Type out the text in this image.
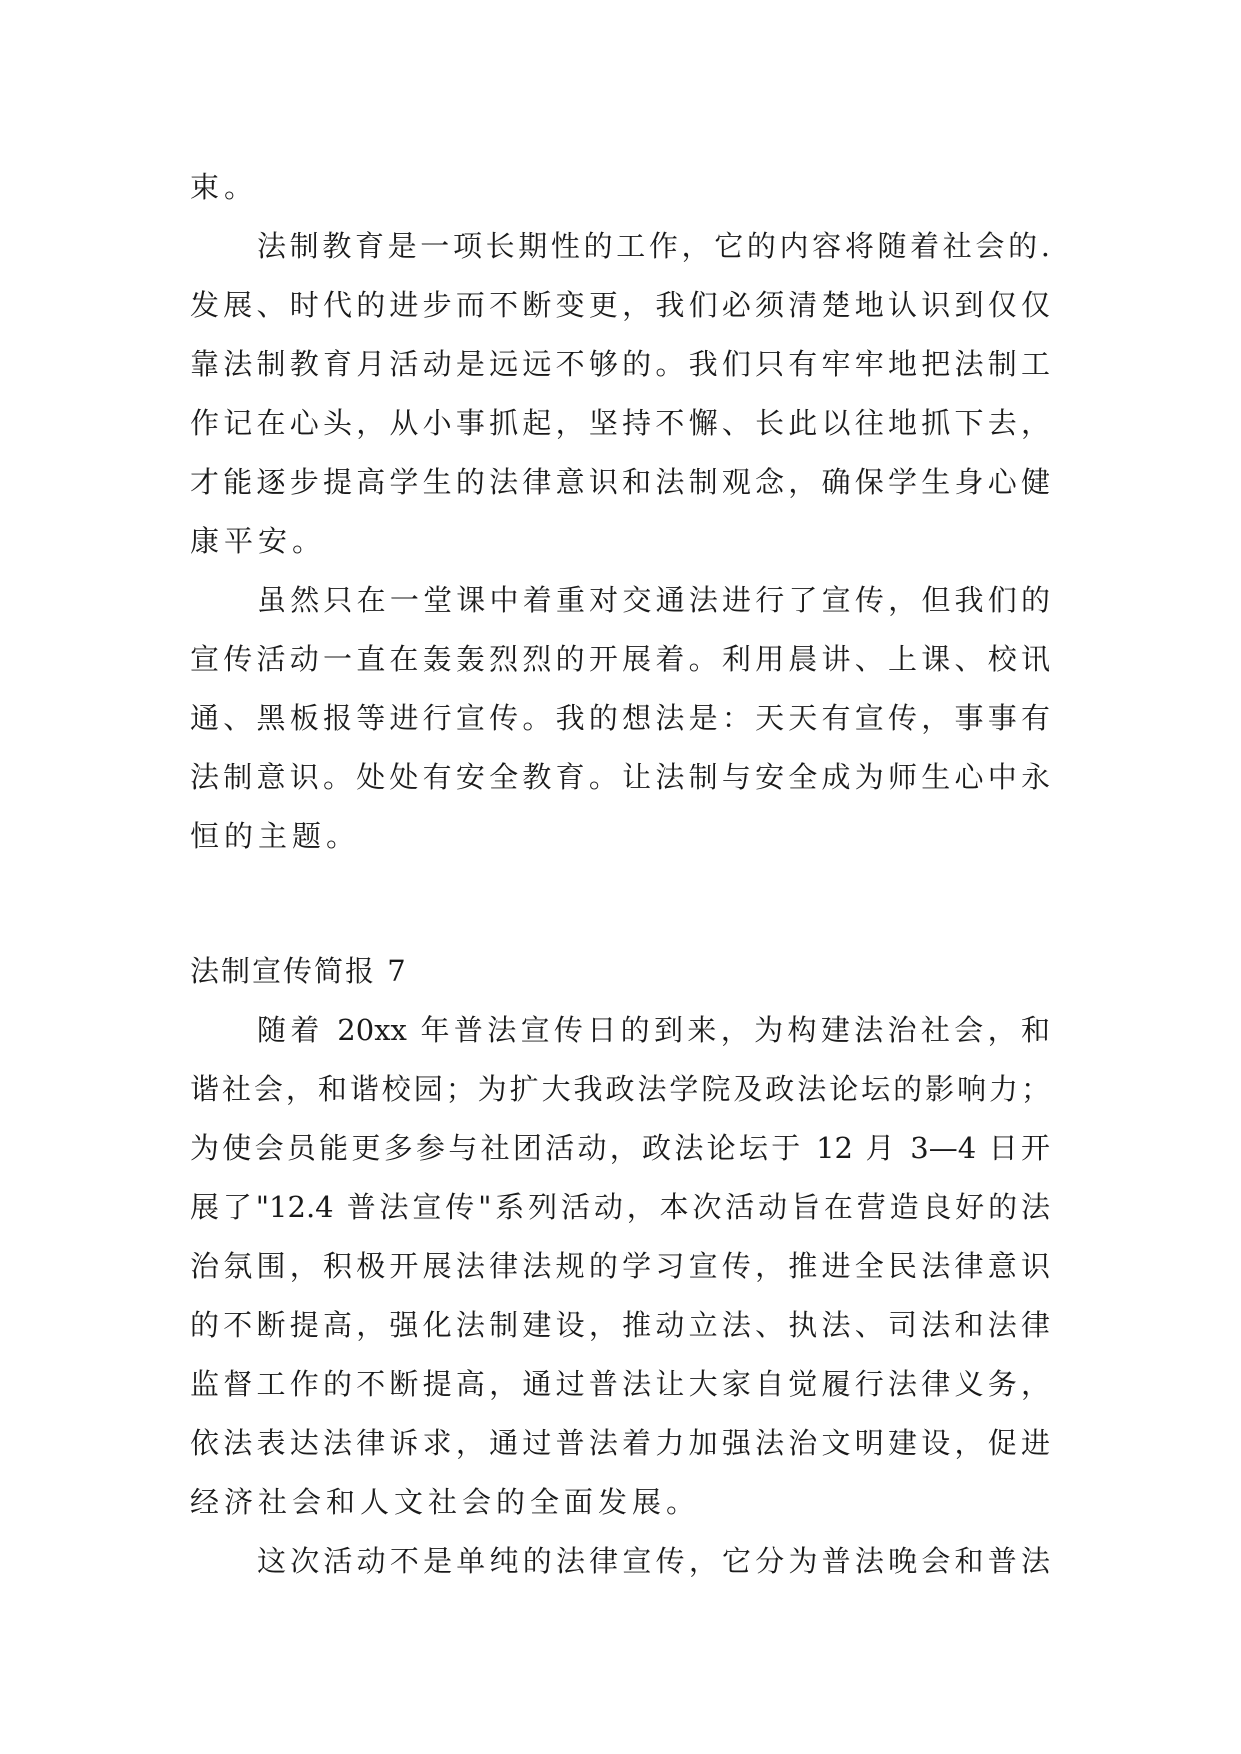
束。
法制教育是一项长期性的工作，它的内容将随着社会的.
发展、时代的进步而不断变更，我们必须清楚地认识到仅仅
靠法制教育月活动是远远不够的。我们只有牢牢地把法制工
作记在心头，从小事抓起，坚持不懈、长此以往地抓下去，
才能逐步提高学生的法律意识和法制观念，确保学生身心健
康平安。
虽然只在一堂课中着重对交通法进行了宣传，但我们的
宣传活动一直在轰轰烈烈的开展着。利用晨讲、上课、校讯
通、黑板报等进行宣传。我的想法是：天天有宣传，事事有
法制意识。处处有安全教育。让法制与安全成为师生心中永
恒的主题。
法制宣传简报 7
随着 20xx 年普法宣传日的到来，为构建法治社会，和
谐社会，和谐校园；为扩大我政法学院及政法论坛的影响力；
为使会员能更多参与社团活动，政法论坛于 12 月 3—4 日开
展了"12.4 普法宣传"系列活动，本次活动旨在营造良好的法
治氛围，积极开展法律法规的学习宣传，推进全民法律意识
的不断提高，强化法制建设，推动立法、执法、司法和法律
监督工作的不断提高，通过普法让大家自觉履行法律义务，
依法表达法律诉求，通过普法着力加强法治文明建设，促进
经济社会和人文社会的全面发展。
这次活动不是单纯的法律宣传，它分为普法晚会和普法
